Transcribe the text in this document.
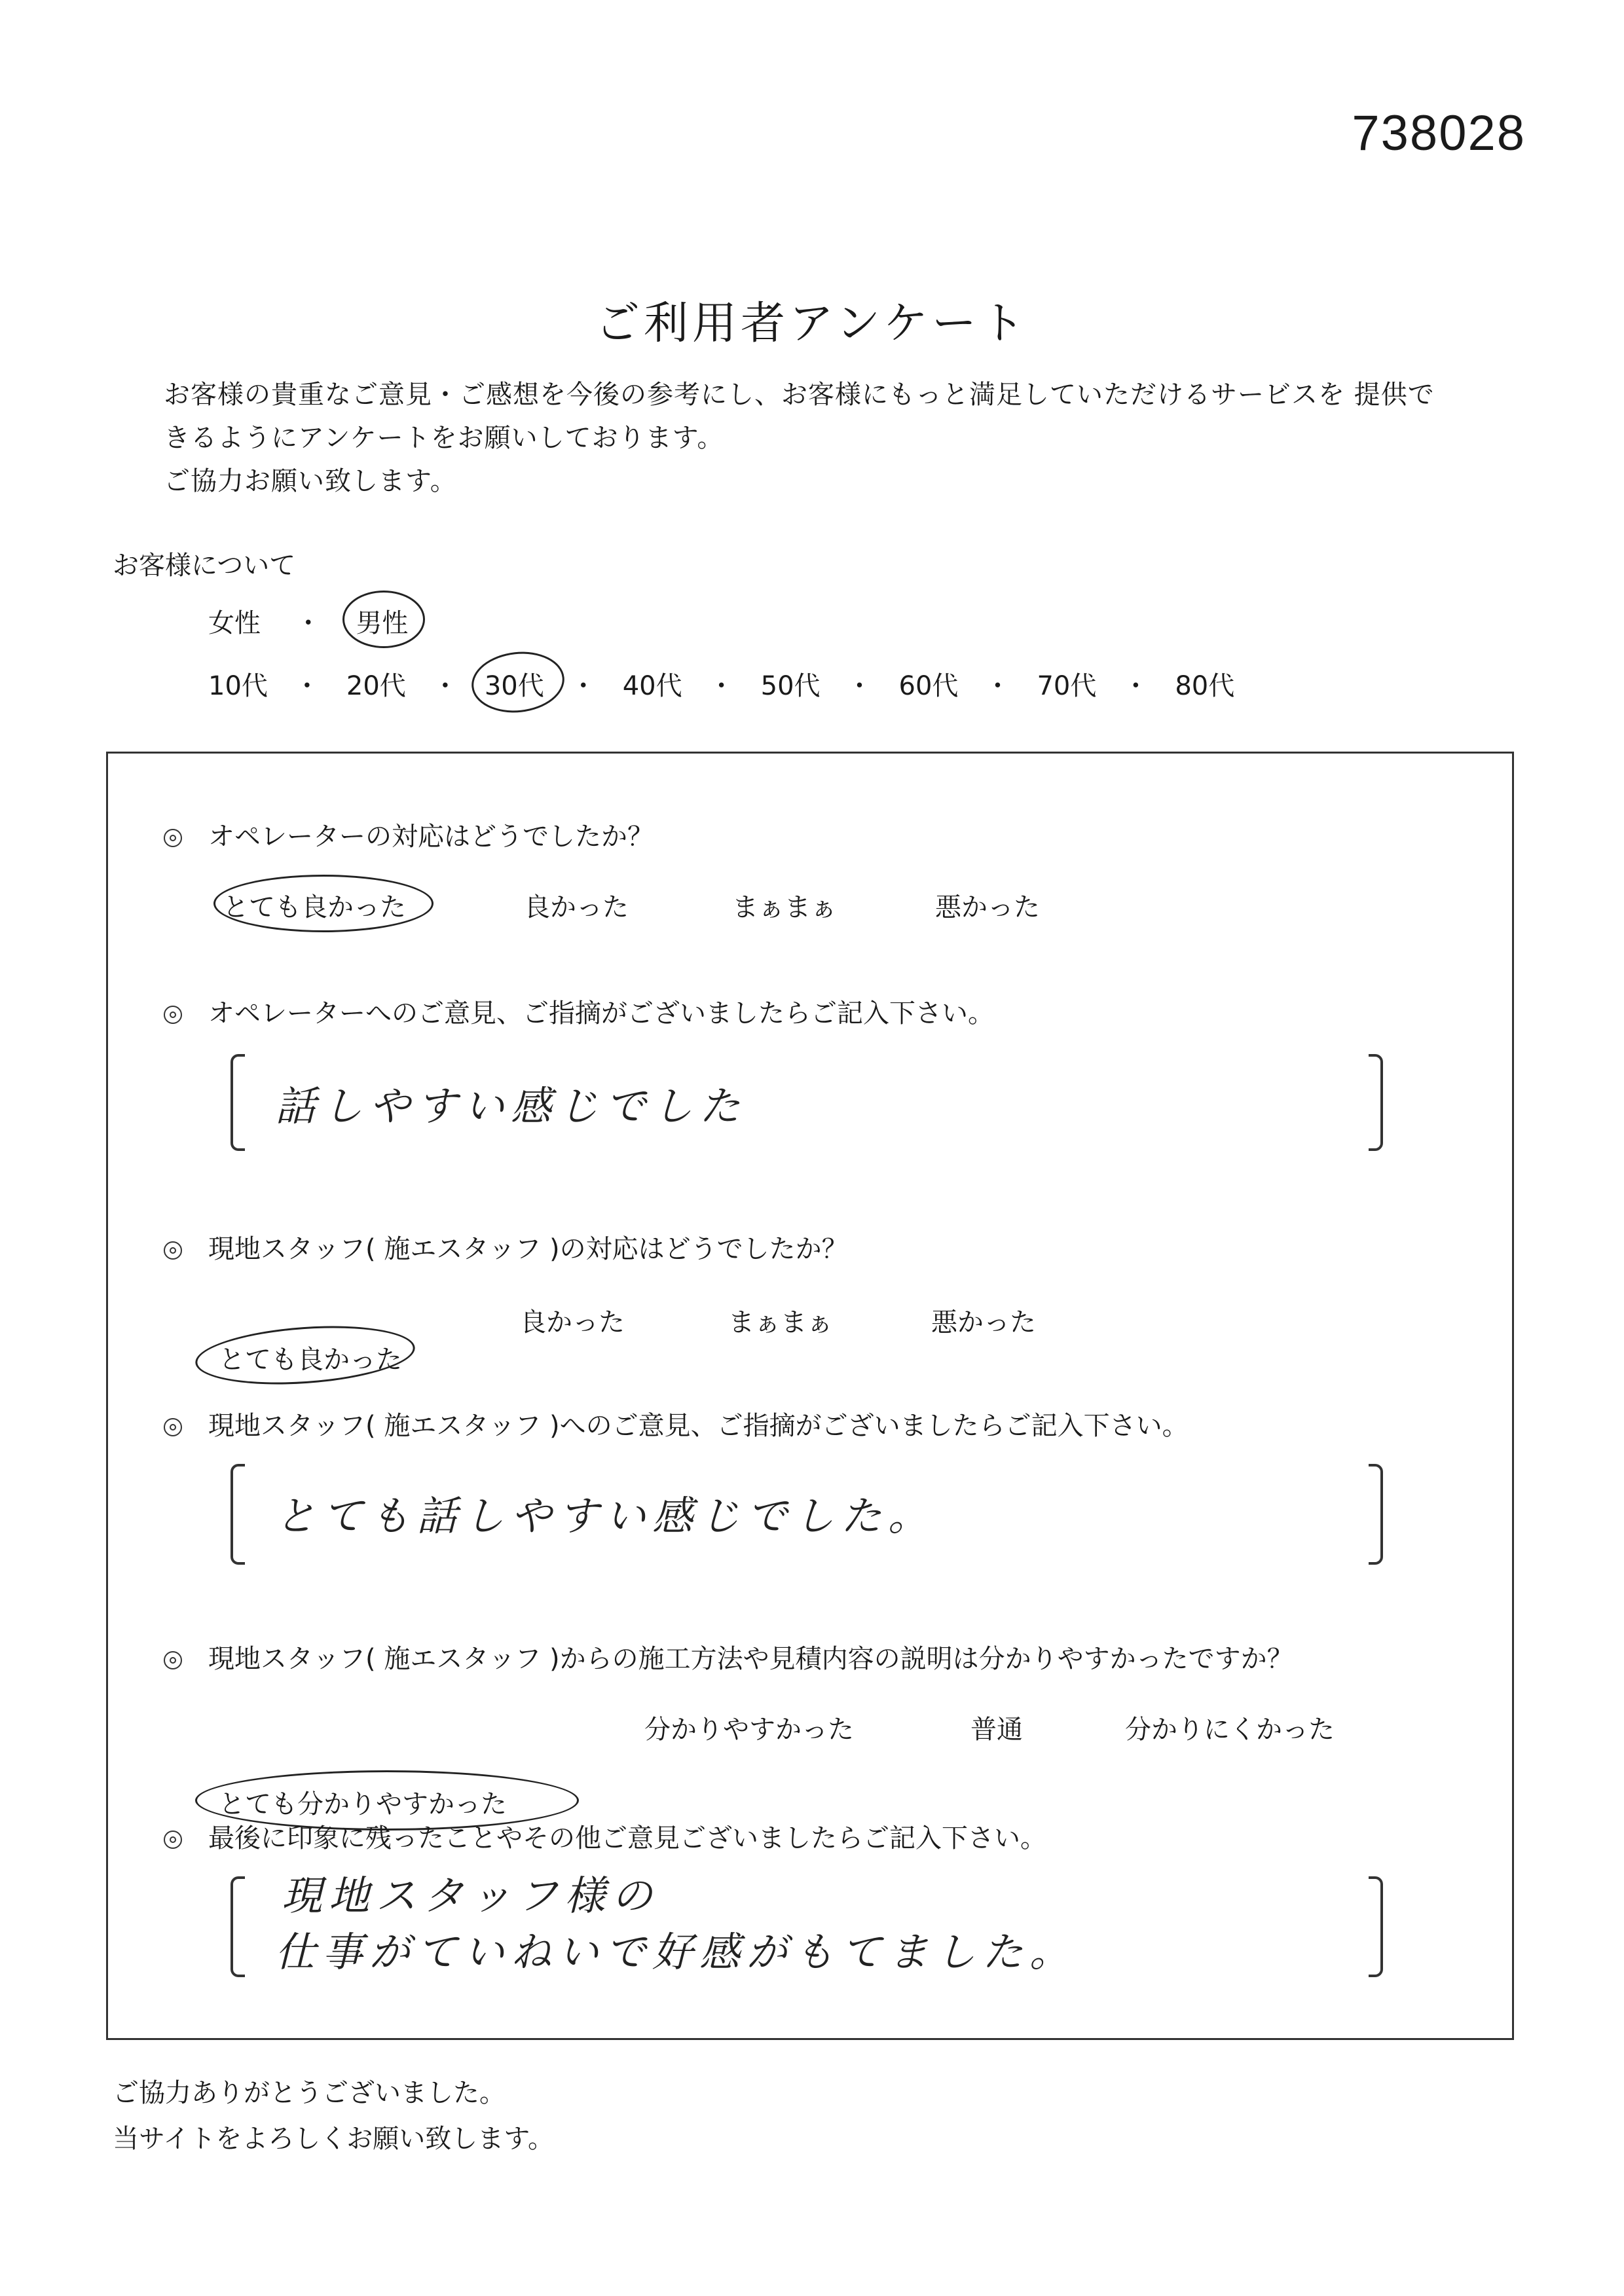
738028
ご利用者アンケート

お客様の貴重なご意見・ご感想を今後の参考にし、お客様にもっと満足していただけるサービスを 提供で

きるようにアンケートをお願いしております。

ご協力お願い致します。

お客様について
女性 ・ 男性
10代 ・ 20代 ・ 30代 ・ 40代 ・ 50代 ・ 60代 ・ 70代 ・ 80代
オペレーターの対応はどうでしたか？
とても良かった	良かった	まぁまぁ	悪かった
オペレーターへのご意見、ご指摘がございましたらご記入下さい。
話しやすい感じでした
現地スタッフ( 施エスタッフ )の対応はどうでしたか？
とても良かった
良かった	まぁまぁ	悪かった
現地スタッフ( 施エスタッフ )へのご意見、ご指摘がございましたらご記入下さい。
とても話しやすい感じでした。
現地スタッフ( 施エスタッフ )からの施工方法や見積内容の説明は分かりやすかったですか？
とても分かりやすかった
分かりやすかった	普通	分かりにくかった
最後に印象に残ったことやその他ご意見ございましたらご記入下さい。
現地スタッフ様の
仕事がていねいで好感がもてました。

ご協力ありがとうございました。

当サイトをよろしくお願い致します。
